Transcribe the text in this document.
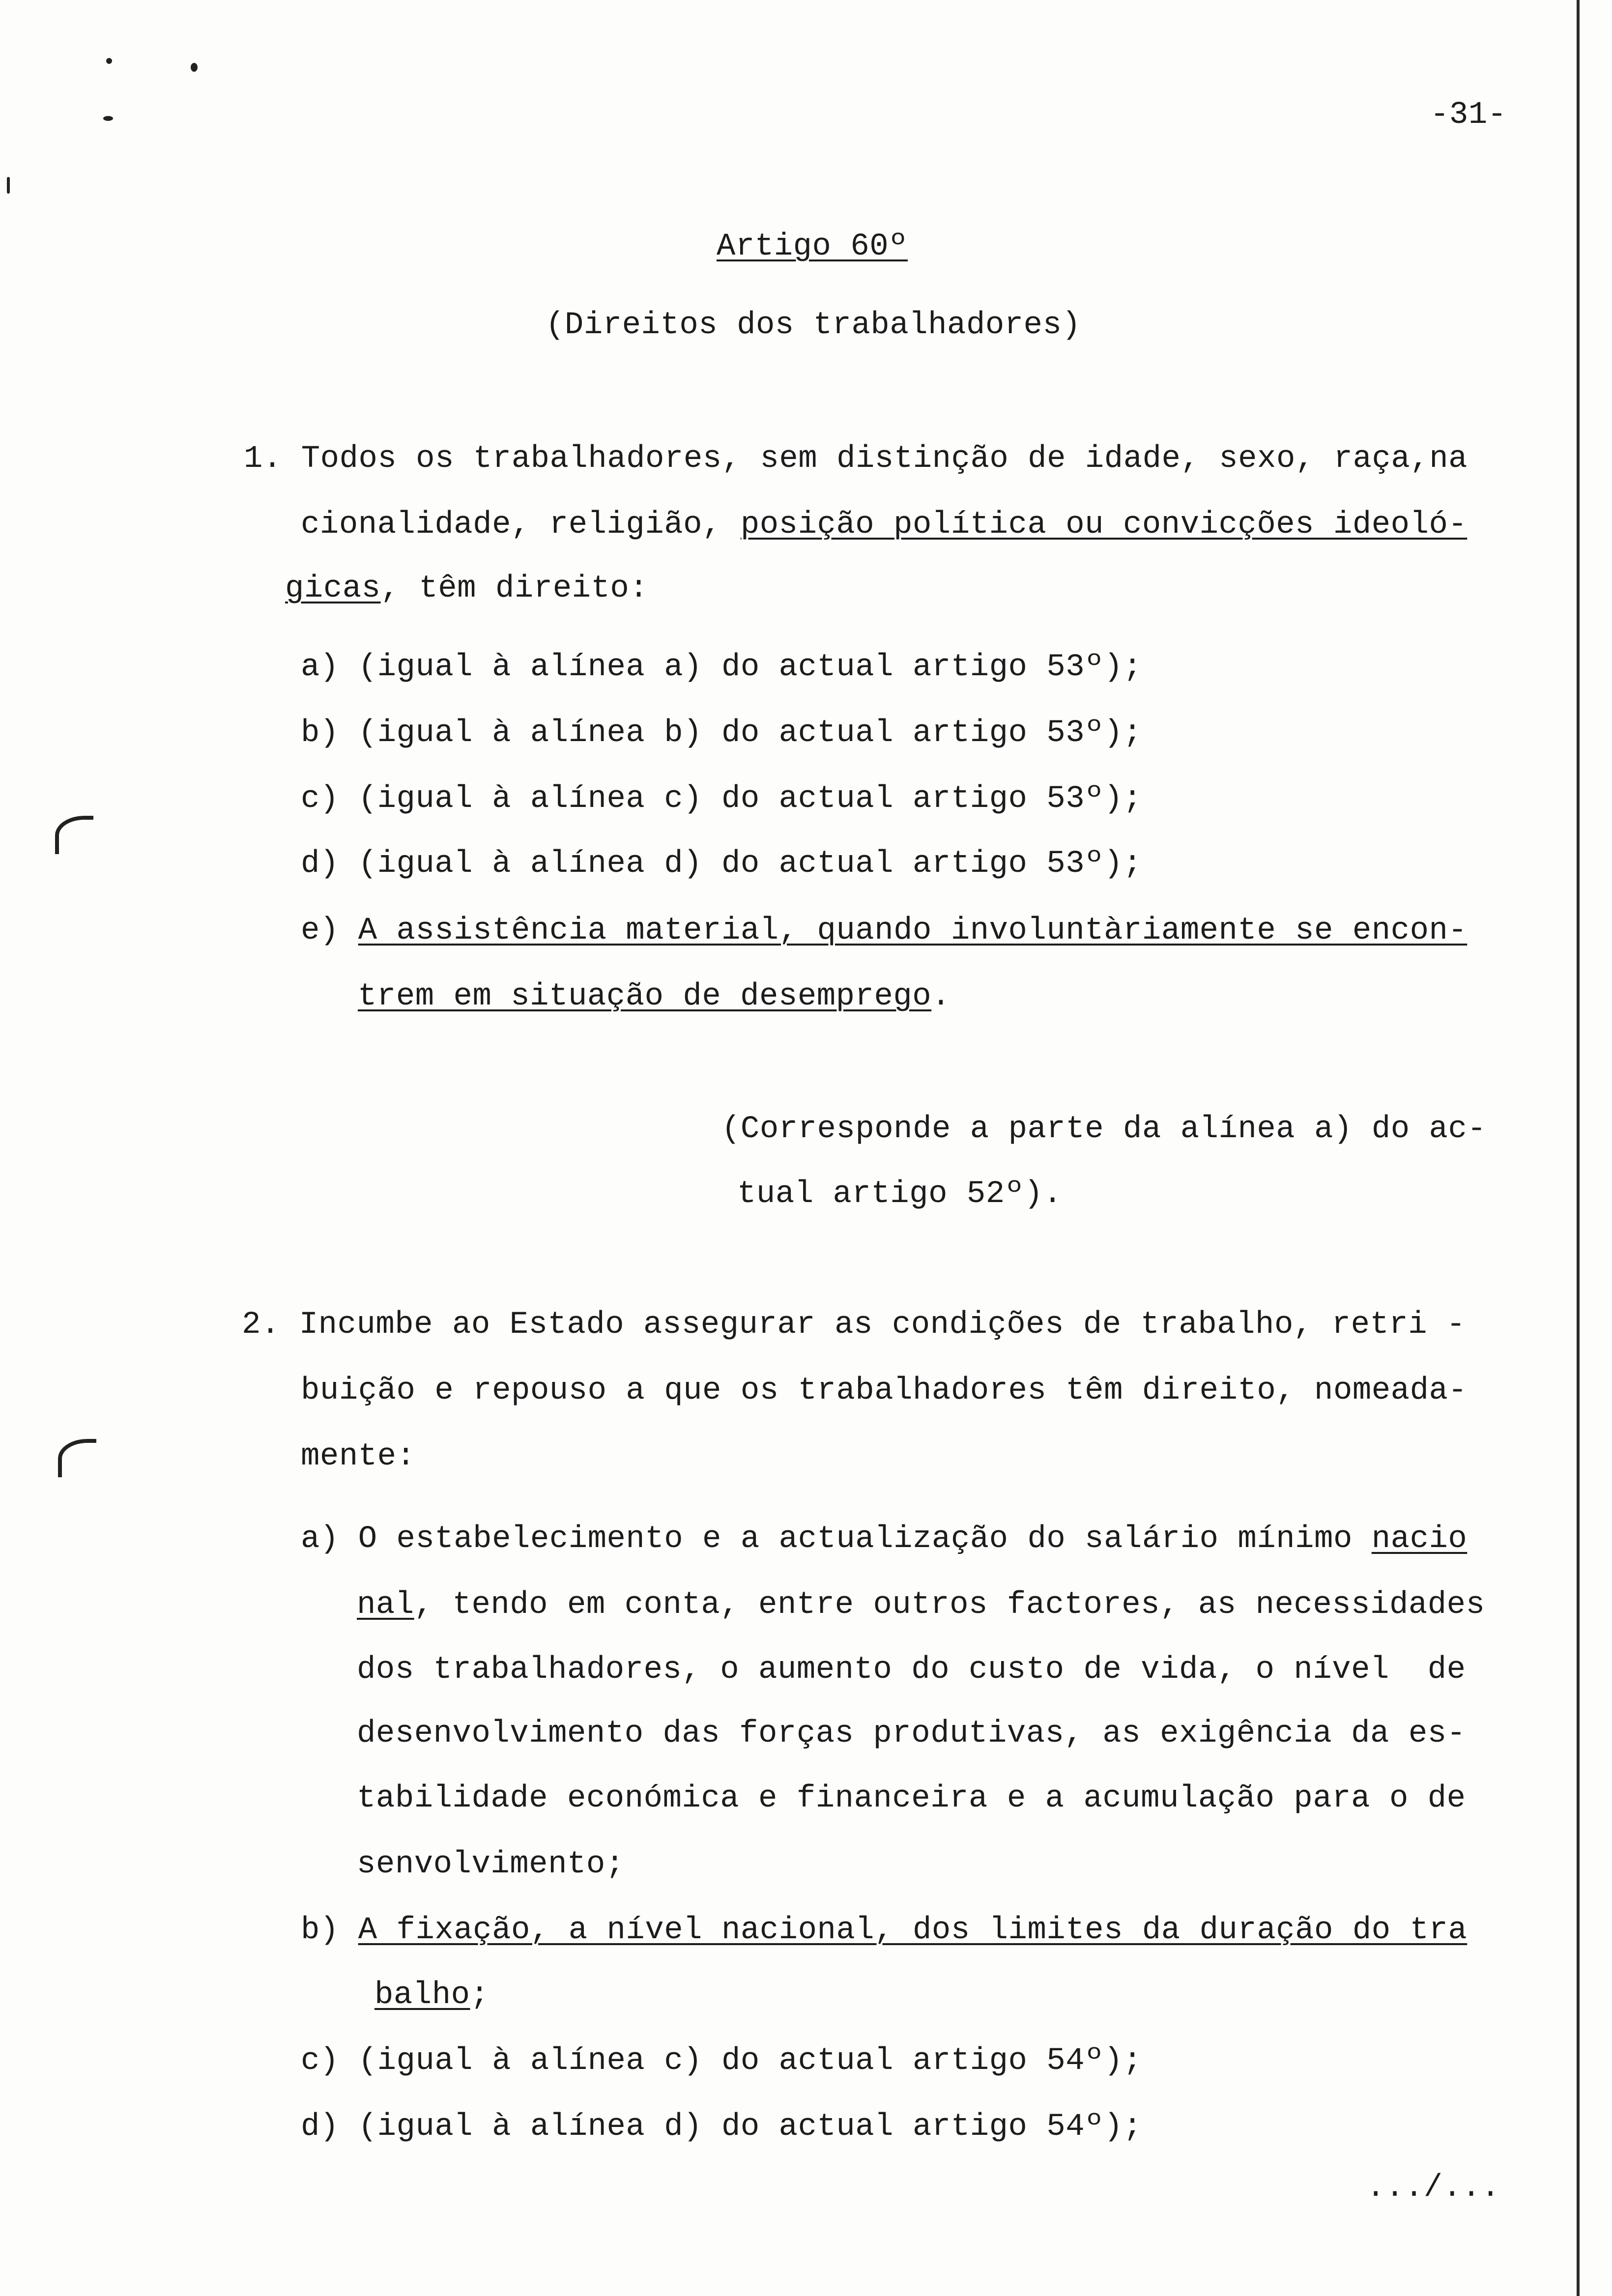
-31-
Artigo 60º
(Direitos dos trabalhadores)
1. Todos os trabalhadores, sem distinção de idade, sexo, raça,na
cionalidade, religião, posição política ou convicções ideoló-
gicas, têm direito:
a) (igual à alínea a) do actual artigo 53º);
b) (igual à alínea b) do actual artigo 53º);
c) (igual à alínea c) do actual artigo 53º);
d) (igual à alínea d) do actual artigo 53º);
e) A assistência material, quando involuntàriamente se encon-
trem em situação de desemprego.
(Corresponde a parte da alínea a) do ac-
tual artigo 52º).
2. Incumbe ao Estado assegurar as condições de trabalho, retri -
buição e repouso a que os trabalhadores têm direito, nomeada-
mente:
a) O estabelecimento e a actualização do salário mínimo nacio
nal, tendo em conta, entre outros factores, as necessidades
dos trabalhadores, o aumento do custo de vida, o nível  de
desenvolvimento das forças produtivas, as exigência da es-
tabilidade económica e financeira e a acumulação para o de
senvolvimento;
b) A fixação, a nível nacional, dos limites da duração do tra
balho;
c) (igual à alínea c) do actual artigo 54º);
d) (igual à alínea d) do actual artigo 54º);
.../...
